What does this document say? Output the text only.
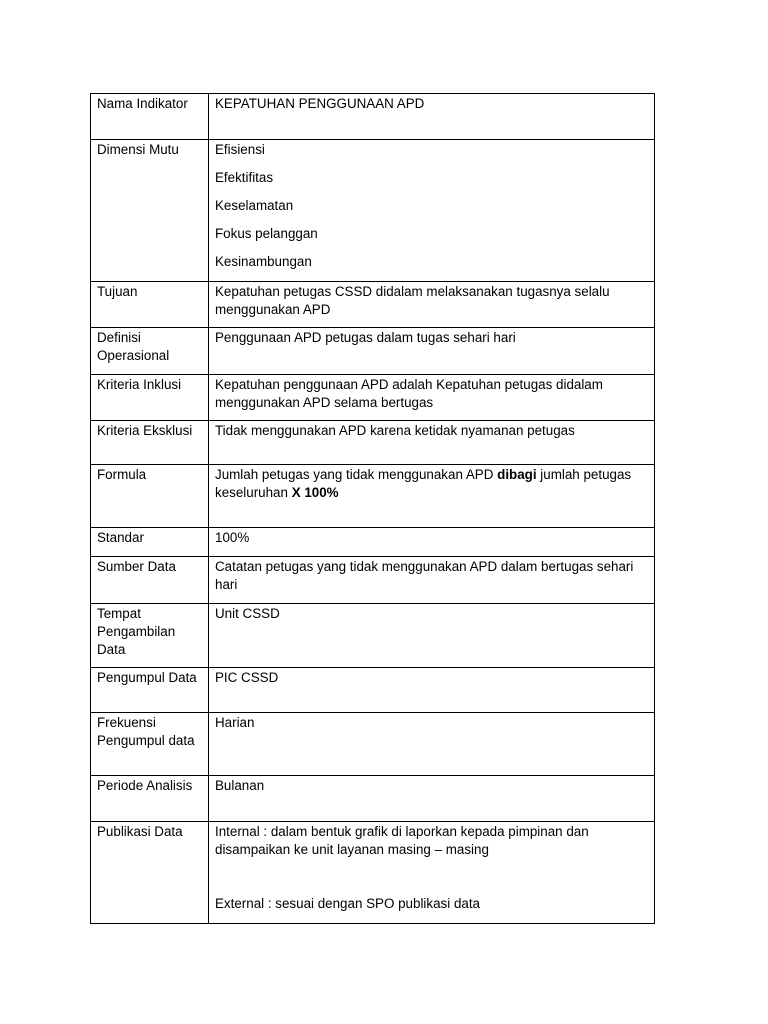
Nama Indikator	KEPATUHAN PENGGUNAAN APD
Dimensi Mutu	Efisiensi
Efektifitas
Keselamatan
Fokus pelanggan
Kesinambungan

Tujuan	Kepatuhan petugas CSSD didalam melaksanakan tugasnya selalu menggunakan APD
Definisi Operasional	Penggunaan APD petugas dalam tugas sehari hari
Kriteria Inklusi	Kepatuhan penggunaan APD adalah Kepatuhan petugas didalam menggunakan APD selama bertugas
Kriteria Eksklusi	Tidak menggunakan APD karena ketidak nyamanan petugas
Formula	Jumlah petugas yang tidak menggunakan APD dibagi jumlah petugas keseluruhan X 100%
Standar	100%
Sumber Data	Catatan petugas yang tidak menggunakan APD dalam bertugas sehari hari
Tempat Pengambilan Data	Unit CSSD
Pengumpul Data	PIC CSSD
Frekuensi Pengumpul data	Harian
Periode Analisis	Bulanan
Publikasi Data	Internal : dalam bentuk grafik di laporkan kepada pimpinan dan disampaikan ke unit layanan masing – masing
External : sesuai dengan SPO publikasi data
